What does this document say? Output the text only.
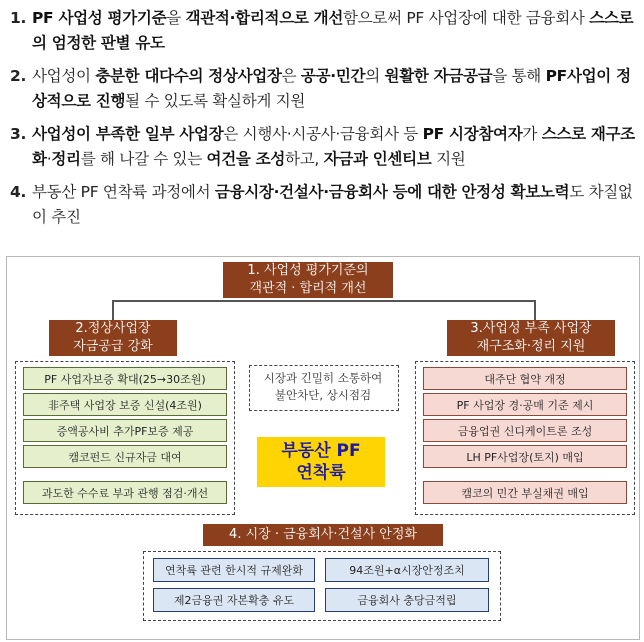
1. PF 사업성 평가기준을 객관적·합리적으로 개선함으로써 PF 사업장에 대한 금융회사 스스로의 엄정한 판별 유도
2. 사업성이 충분한 대다수의 정상사업장은 공공·민간의 원활한 자금공급을 통해 PF사업이 정상적으로 진행될 수 있도록 확실하게 지원
3. 사업성이 부족한 일부 사업장은 시행사·시공사·금융회사 등 PF 시장참여자가 스스로 재구조화·정리를 해 나갈 수 있는 여건을 조성하고, 자금과 인센티브 지원
4. 부동산 PF 연착륙 과정에서 금융시장·건설사·금융회사 등에 대한 안정성 확보노력도 차질없이 추진
1. 사업성 평가기준의
객관적 · 합리적 개선
2.정상사업장
자금공급 강화
3.사업성 부족 사업장
재구조화·정리 지원
PF 사업자보증 확대(25→30조원)
非주택 사업장 보증 신설(4조원)
증액공사비 추가PF보증 제공
캠코펀드 신규자금 대여
과도한 수수료 부과 관행 점검·개선
대주단 협약 개정
PF 사업장 경·공매 기준 제시
금융업권 신디케이트론 조성
LH PF사업장(토지) 매입
캠코의 민간 부실채권 매입
시장과 긴밀히 소통하여
불안차단, 상시점검
부동산 PF
연착륙
4. 시장 · 금융회사·건설사 안정화
연착륙 관련 한시적 규제완화	94조원+α시장안정조치
제2금융권 자본확충 유도	금융회사 충당금적립
